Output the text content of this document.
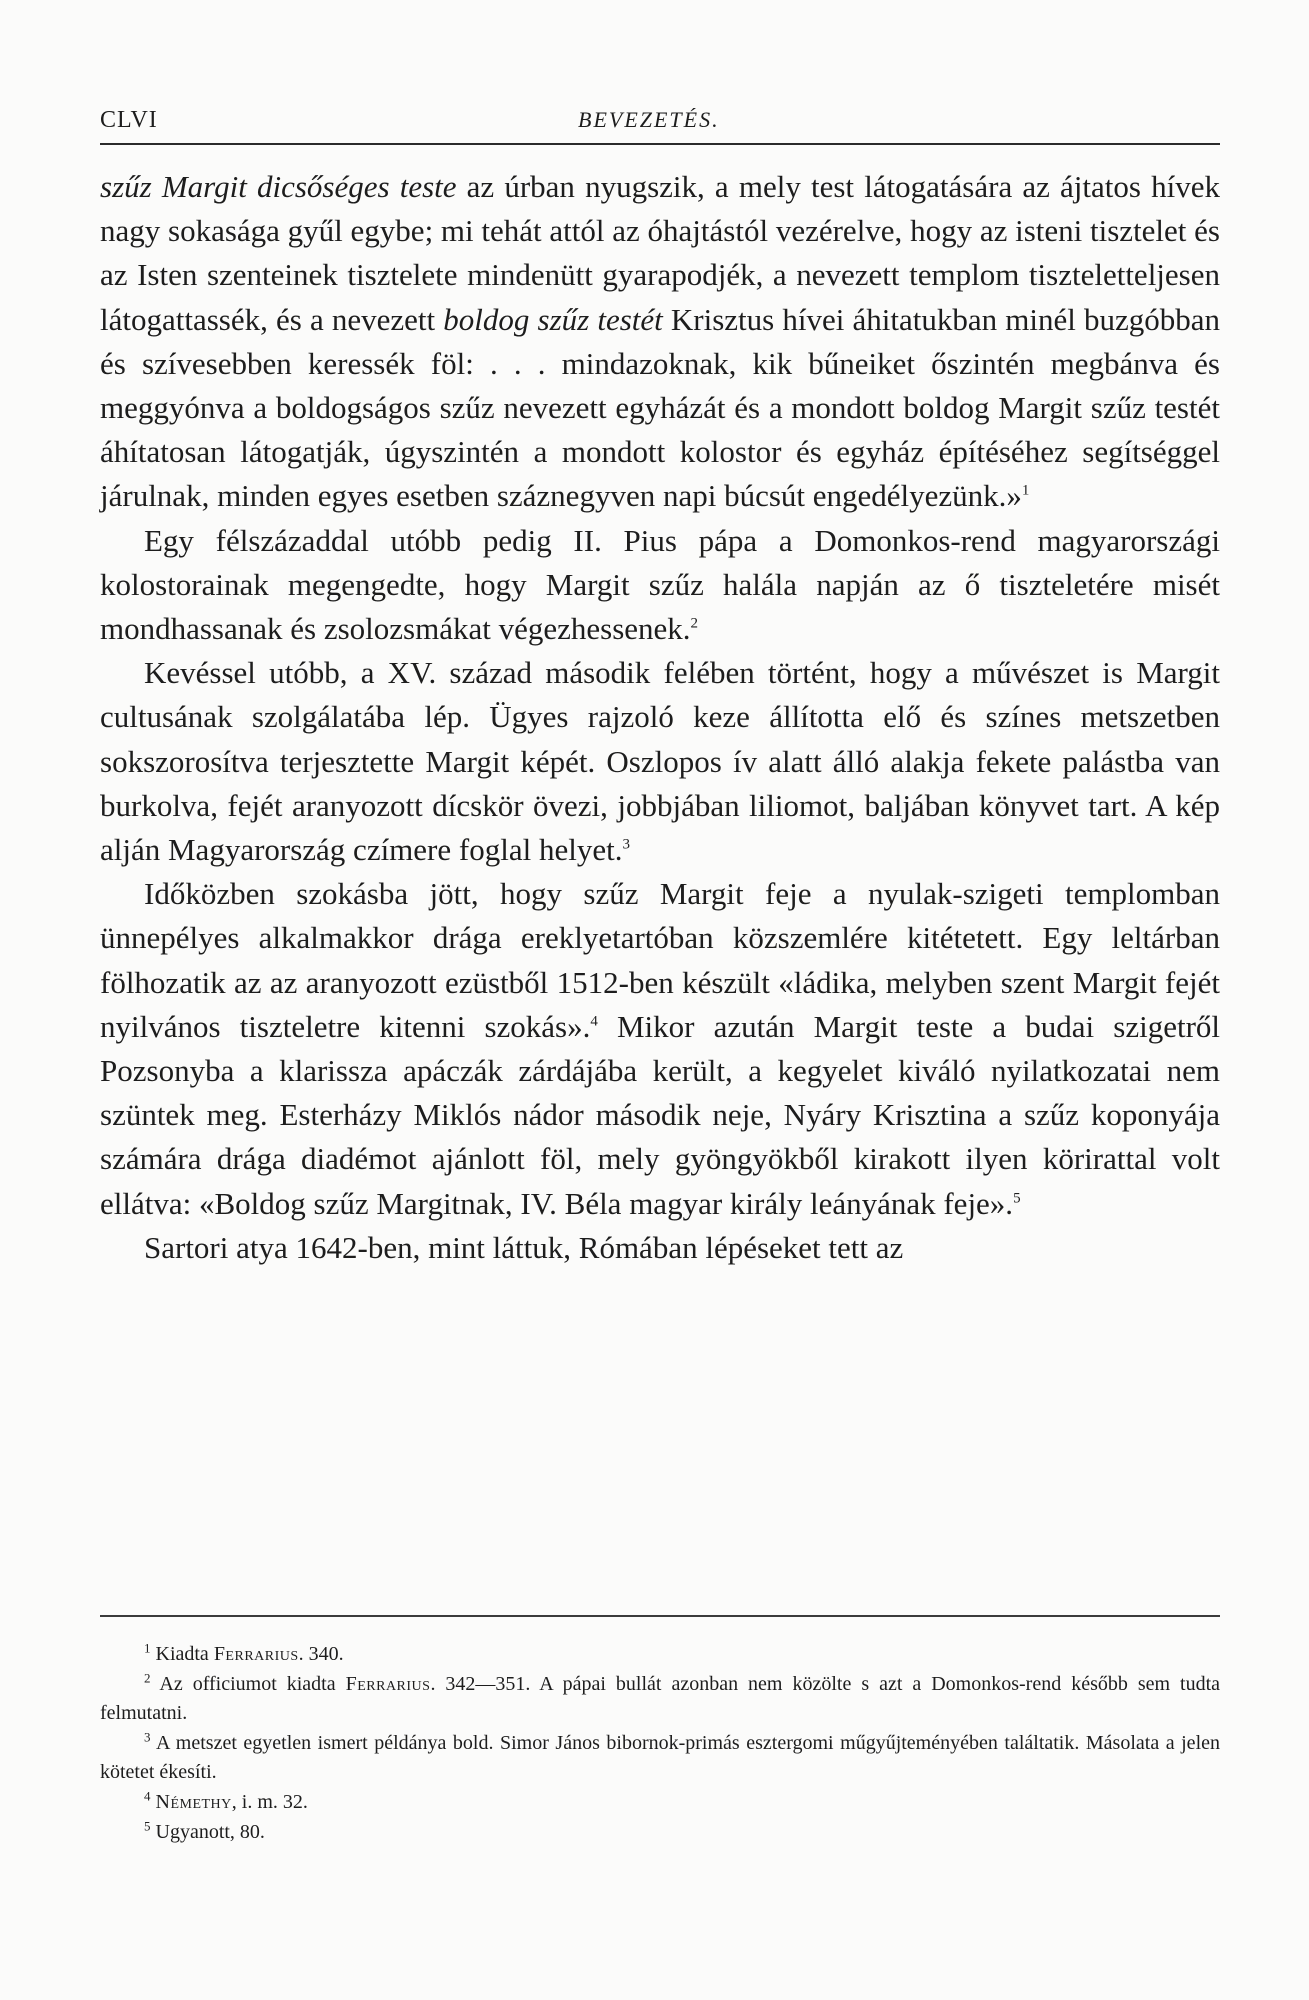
CLVI	BEVEZETÉS.

szűz Margit dicsőséges teste az úrban nyugszik, a mely test látogatására az ájtatos hívek nagy sokasága gyűl egybe; mi tehát attól az óhajtástól vezérelve, hogy az isteni tisztelet és az Isten szenteinek tisztelete mindenütt gyarapodjék, a nevezett templom tiszteletteljesen látogattassék, és a nevezett boldog szűz testét Krisztus hívei áhitatukban minél buzgóbban és szívesebben keressék föl: . . . mindazoknak, kik bűneiket őszintén megbánva és meggyónva a boldogságos szűz nevezett egyházát és a mondott boldog Margit szűz testét áhítatosan látogatják, úgyszintén a mondott kolostor és egyház építéséhez segítséggel járulnak, minden egyes esetben száznegyven napi búcsút engedélyezünk.»$^1$

Egy félszázaddal utóbb pedig II. Pius pápa a Domonkos-rend magyarországi kolostorainak megengedte, hogy Margit szűz halála napján az ő tiszteletére misét mondhassanak és zsolozsmákat végezhessenek.$^2$

Kevéssel utóbb, a XV. század második felében történt, hogy a művészet is Margit cultusának szolgálatába lép. Ügyes rajzoló keze állította elő és színes metszetben sokszorosítva terjesztette Margit képét. Oszlopos ív alatt álló alakja fekete palástba van burkolva, fejét aranyozott dícskör övezi, jobbjában liliomot, baljában könyvet tart. A kép alján Magyarország czímere foglal helyet.$^3$

Időközben szokásba jött, hogy szűz Margit feje a nyulak-szigeti templomban ünnepélyes alkalmakkor drága ereklyetartóban közszemlére kitétetett. Egy leltárban fölhozatik az az aranyozott ezüstből 1512-ben készült «ládika, melyben szent Margit fejét nyilvános tiszteletre kitenni szokás».$^4$ Mikor azután Margit teste a budai szigetről Pozsonyba a klarissza apáczák zárdájába került, a kegyelet kiváló nyilatkozatai nem szüntek meg. Esterházy Miklós nádor második neje, Nyáry Krisztina a szűz koponyája számára drága diadémot ajánlott föl, mely gyöngyökből kirakott ilyen körirattal volt ellátva: «Boldog szűz Margitnak, IV. Béla magyar király leányának feje».$^5$

Sartori atya 1642-ben, mint láttuk, Rómában lépéseket tett az

$^1$ Kiadta Ferrarius. 340.

$^2$ Az officiumot kiadta Ferrarius. 342—351. A pápai bullát azonban nem közölte s azt a Domonkos-rend később sem tudta felmutatni.

$^3$ A metszet egyetlen ismert példánya bold. Simor János bibornok-primás esztergomi műgyűjteményében találtatik. Másolata a jelen kötetet ékesíti.

$^4$ Némethy, i. m. 32.

$^5$ Ugyanott, 80.
